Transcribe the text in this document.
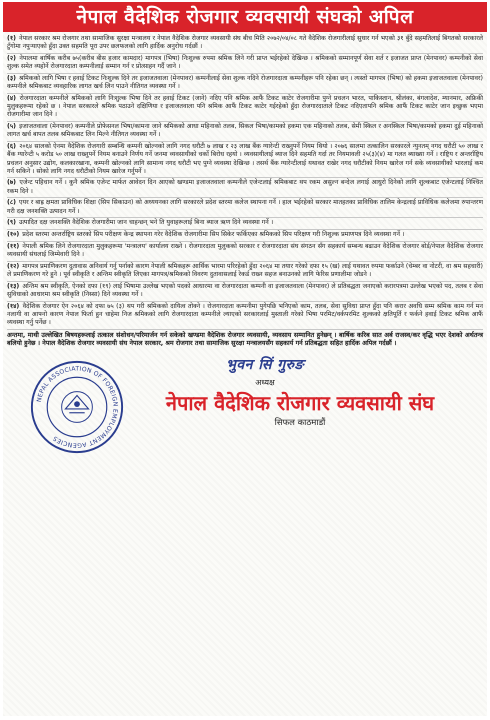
नेपाल वैदेशिक रोजगार व्यवसायी संघको अपिल
(१) नेपाल सरकार श्रम रोजगार तथा सामाजिक सुरक्षा मन्त्रालय र नेपाल वैदेशिक रोजगार व्यवसायी संघ बीच मिति २०७२/०४/०८ गते वैदेशिक रोजगारीलाई सुधार गर्न भएको ३१ बुँदे सहमतिलाई बिगतको सरकारले टुँगोमा नपुऱ्याएको हुँदा उक्त सहमति पूरा उपर छलफलको लागि हार्दिक अनुरोध गर्दछौं ।
(२) नेपालमा बार्षिक करीब ७५(करीब बीस हजार कामदार) मागपत्र (भिषा) निःशुल्क रुपमा श्रमिक लिने गरी प्राप्त भईरहेको देखिन्छ । श्रमिकको सम्मानपूर्ण सेवा शर्त र इजाजत प्राप्त (मेनपावर) कम्पनीको सेवा शुल्क समेत व्यहोर्ने रोजगारदाता कम्पनीलाई सम्मान गर्न र प्रोत्साहन गर्दै जाने ।
(३) श्रमिकको लागि भिषा र हवाई टिकट निःशुल्क दिने तर इजाजतवाला (मेनपावर) कम्पनीलाई सेवा शुल्क नदिने रोजगारदाता कम्पनीहरू पनि रहेका छन् । त्यस्तो मागपत्र (भिषा) को हकमा इजाजतवाला (मेनपावर) कम्पनीले श्रमिकबाट व्यवहारिक लागत खर्च लिन पाउने नीतिगत व्यवस्था गर्ने ।
(४) रोजगारदाता कम्पनीले श्रमिकको लागि निःशुल्क भिषा दिने तर हवाई टिकट (जाने) नदिए पनि श्रमिक आफैं टिकट काटेर रोजगारीमा पुग्ने प्रचलन भारत, पाकिस्तान, श्रीलंका, बंगलादेश, म्यानमार, अफ्रिकी मुलुकहरूमा रहेको छ । नेपाल सरकारले श्रमिक पठाउने दक्षिणिया र इजाजतवाला पनि श्रमिक आफैं टिकट काटेर गईरहेको हुँदा रोजगारदाताले टिकट नदिएतापनि श्रमिक आफैं टिकट काटेर जान इच्छुक भएमा रोजगारीमा जान दिने ।
(५) इजाजतवाला (मेनपावर) कम्पनीले प्रोफेसनल भिषा/कामना जाने श्रमिकको आधा महिनाको तलब, सिकल भिषा/कामको हकमा एक महिनाको तलब, सेमी स्किल र अनस्किल भिषा/कामको हकमा दुई महिनाको लागत खर्च बापत तलब श्रमिकबाट लिन मिल्ने नीतिगत व्यवस्था गर्ने ।
(६) २०६४ सालको ऐनमा वैदेशिक रोजगारी सम्बन्धि कम्पनी खोल्नको लागि नगद धरौटी ७ लाख र २३ लाख बैंक ग्यारेन्टी राख्नुपर्ने नियम थियो । २०७६ सालमा तत्कालिन सरकारले न्युनतम् नगद धरौटी ५० लाख र बैंक ग्यारेन्टी ५ करोड ५० लाख राख्नुपर्ने नियम बनाउने निर्णय गर्ने जनमा व्यवसायीको चर्को बिरोध रहयो । व्यवसायीलाई ब्याज दिने सहमति गर्दा तर नियमावली २५(३)(४) मा गलत ब्याख्या गर्ने । राष्ट्रिय र अन्तर्राष्ट्रिय प्रचलन अनुसार उद्योग, कलकारखाना, कम्पनी खोल्नको लागि सामान्य नगद धरौटी भए पुग्ने व्यवस्था देखिन्छ । तसर्थ बैंक ग्यारेन्टीलाई यथावत राखेर नगद धरौटीको नियम खारेज गर्न सके व्यवसायीको भारलाई कम गर्न सकिने । सोको लागि नगद धरौटीको नियम खारेज गर्नुपर्ने ।
(७) एजेन्ट पहिचान गर्ने । कुनै श्रमिक एजेन्ट मार्फत आवेदन दिन आएको खण्डमा इजाजतवाला कम्पनीले एजेन्टलाई श्रमिकबाट थप रकम असुल्न बन्देज लगाई आधुरो दिनेको लागि शुल्कबाट एजेन्टलाई निश्चित रकम दिने ।
(८) एयर र बाह्र क्षमता प्राविधिक शिक्षा (सिप सिकाउन) को अध्ययनका लागि सरकारले प्रदेश स्तरमा कलेज स्थापना गर्ने । हाल भईरहेको सरकार मातहतका प्राविधिक तालिम केन्द्रलाई प्राविधिक कलेजमा रुपान्तरण गरी दक्ष जनशक्ति उत्पादन गर्ने ।
(९) उत्पादित दक्ष जनशक्ति वैदेशिक रोजगारीमा जान चाहन्छन् भने ति युवाहरूलाई बिना ब्याज ऋण दिने व्यवस्था गर्ने ।
(१०) प्रदेश स्तरमा अन्तर्राष्ट्रिय स्तरको सिप परीक्षण केन्द्र स्थापना गरेर वैदेशिक रोजगारीमा सिप सिकेर फर्किएका श्रमिकको सिप परिक्षण गरी निशुल्क प्रमाणपत्र दिने व्यवस्था गर्ने ।
(११) नेपाली श्रमिक लिने रोजगारदाता मुलुकहरूमा 'मन्त्रालय' कार्यालय राख्ने । रोजगारदाता मुलुकको सरकार र रोजगारदाता संघ संगठन सँग सहकार्य सम्बन्ध बढाउन वैदेशिक रोजगार बोर्ड/नेपाल वैदेशिक रोजगार व्यवसायी संघलाई जिम्मेवारी दिने ।
(१२) मागपत्र प्रमाणिकरण दुतावास अनिवार्य गर्नु पर्नाको कारण नेपाली श्रमिकहरू आर्थिक भारमा परिरहेको हुँदा २०६४ मा तयार गरेको दफा १५ (ख) लाई यथावत रुपमा फर्काउने (चेम्बर वा नोटरी, वा श्रम सहचारी) ले प्रमाणिकरण गरे हुने । पूर्व स्वीकृति र अन्तिम स्वीकृति लिएका मागपत्र/श्रमिकको विवरण दुतावासलाई रेकर्ड राख्न सहज बनाउनको लागि फेरिस प्रणालीमा जोडने ।
(१३) अन्तिम श्रम स्वीकृति, ऐनको दफा (१९) लाई भिषामा उल्लेख भएको पदको आधारमा वा रोजगारदाता कम्पनी वा इजाजतवाला (मेनपावर) ले प्रतिबद्धता जनाएको करारपत्रमा उल्लेख भएको पद, तलब र सेवा सुविधाको आधारमा श्रम स्वीकृति (निस्सा) दिने व्यवस्था गर्ने ।
(१४) वैदेशिक रोजगार ऐन २०६४ को दफा ७५ (३) थप गरी श्रमिकको दायित्व तोक्ने । रोजगारदाता कम्पनीमा पुगेपछि भनिएको काम, तलब, सेवा सुविधा प्राप्त हुँदा पनि करार अवधि सम्म श्रमिक काम गर्न मन नलागी वा आफ्नो कारण नेपाल फिर्ता हुन चाहेमा निज श्रमिकको लागि रोजगारदाता कम्पनीले ल्याएको सरकारलाई मुस्ताली गरेको भिषा परमिट/वर्कपरमिट शुल्कको क्षतिपूर्ति र फर्कने हवाई टिकट श्रमिक आफैं व्यवस्था गर्नु पर्नेछ ।
अन्तमा, माथी उल्लेखित बिषयहरूलाई तत्काल संशोधन/परिमार्जन गर्न सकेको खण्डमा वैदेशिक रोजगार व्यवसायी, व्यवसाय सम्मानित हुनेछन् । बार्षिक करिब सात अर्ब राजस्व/कर वृद्धि भएर देशको अर्थतन्त्र बलियो हुनेछ । नेपाल वैदेशिक रोजगार व्यवसायी संघ नेपाल सरकार, श्रम रोजगार तथा सामाजिक सुरक्षा मन्त्रालयसँग सहकार्य गर्न प्रतिबद्धता सहित हार्दिक अपिल गर्दछौं ।
NEPAL ASSOCIATION OF FOREIGN EMPLOYMENT AGENCIES
भुवन सिं गुरुङ
अध्यक्ष
नेपाल वैदेशिक रोजगार व्यवसायी संघ
सिफल काठमाडौं
